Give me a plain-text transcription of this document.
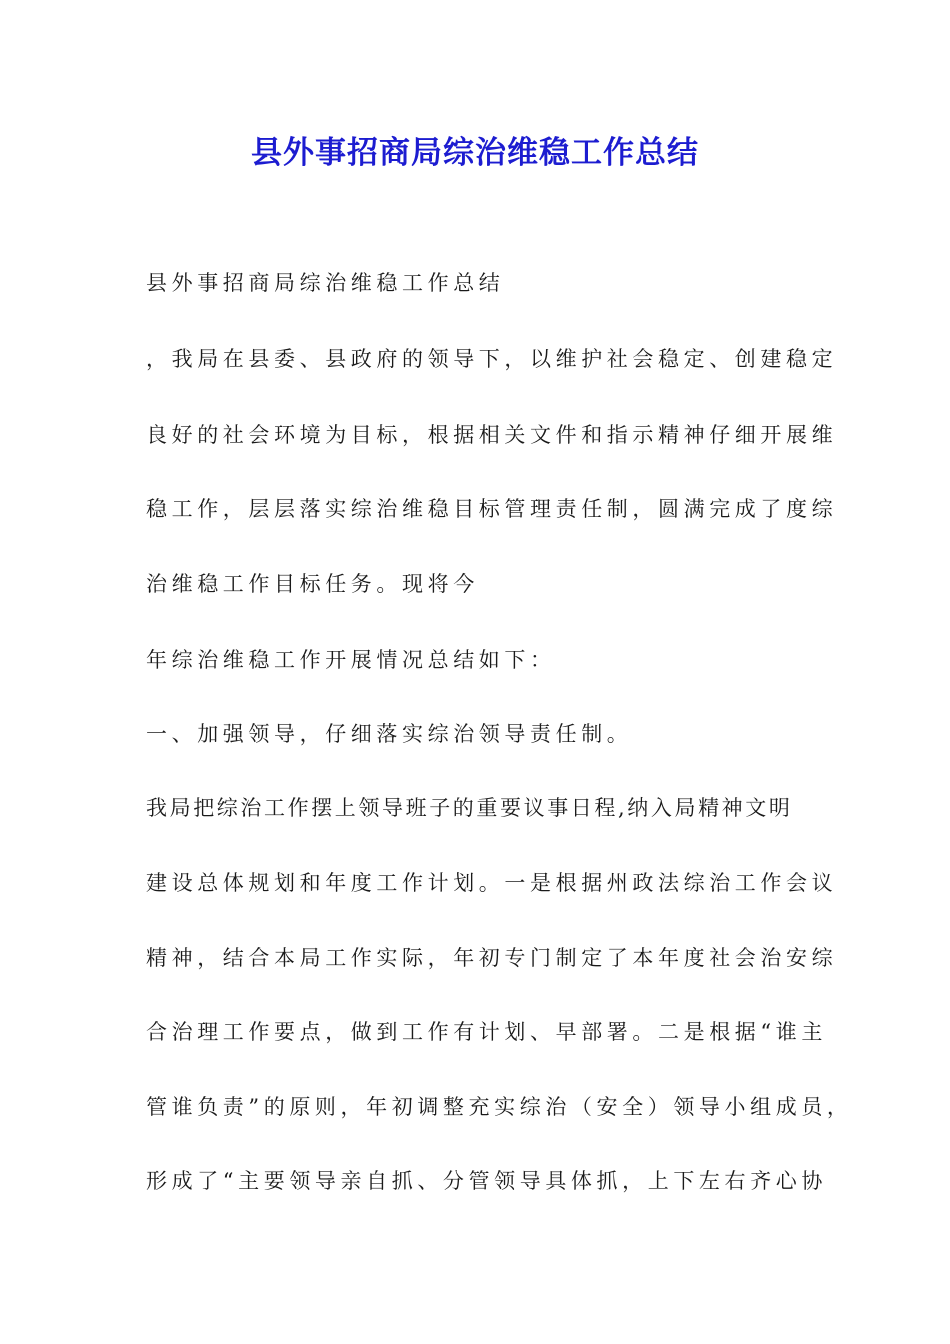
县外事招商局综治维稳工作总结

县外事招商局综治维稳工作总结

，我局在县委、县政府的领导下，以维护社会稳定、创建稳定

良好的社会环境为目标，根据相关文件和指示精神仔细开展维

稳工作，层层落实综治维稳目标管理责任制，圆满完成了度综

治维稳工作目标任务。现将今

年综治维稳工作开展情况总结如下：

一、加强领导，仔细落实综治领导责任制。

我局把综治工作摆上领导班子的重要议事日程,纳入局精神文明

建设总体规划和年度工作计划。一是根据州政法综治工作会议

精神，结合本局工作实际，年初专门制定了本年度社会治安综

合治理工作要点，做到工作有计划、早部署。二是根据“谁主

管谁负责”的原则，年初调整充实综治（安全）领导小组成员，

形成了“主要领导亲自抓、分管领导具体抓，上下左右齐心协
